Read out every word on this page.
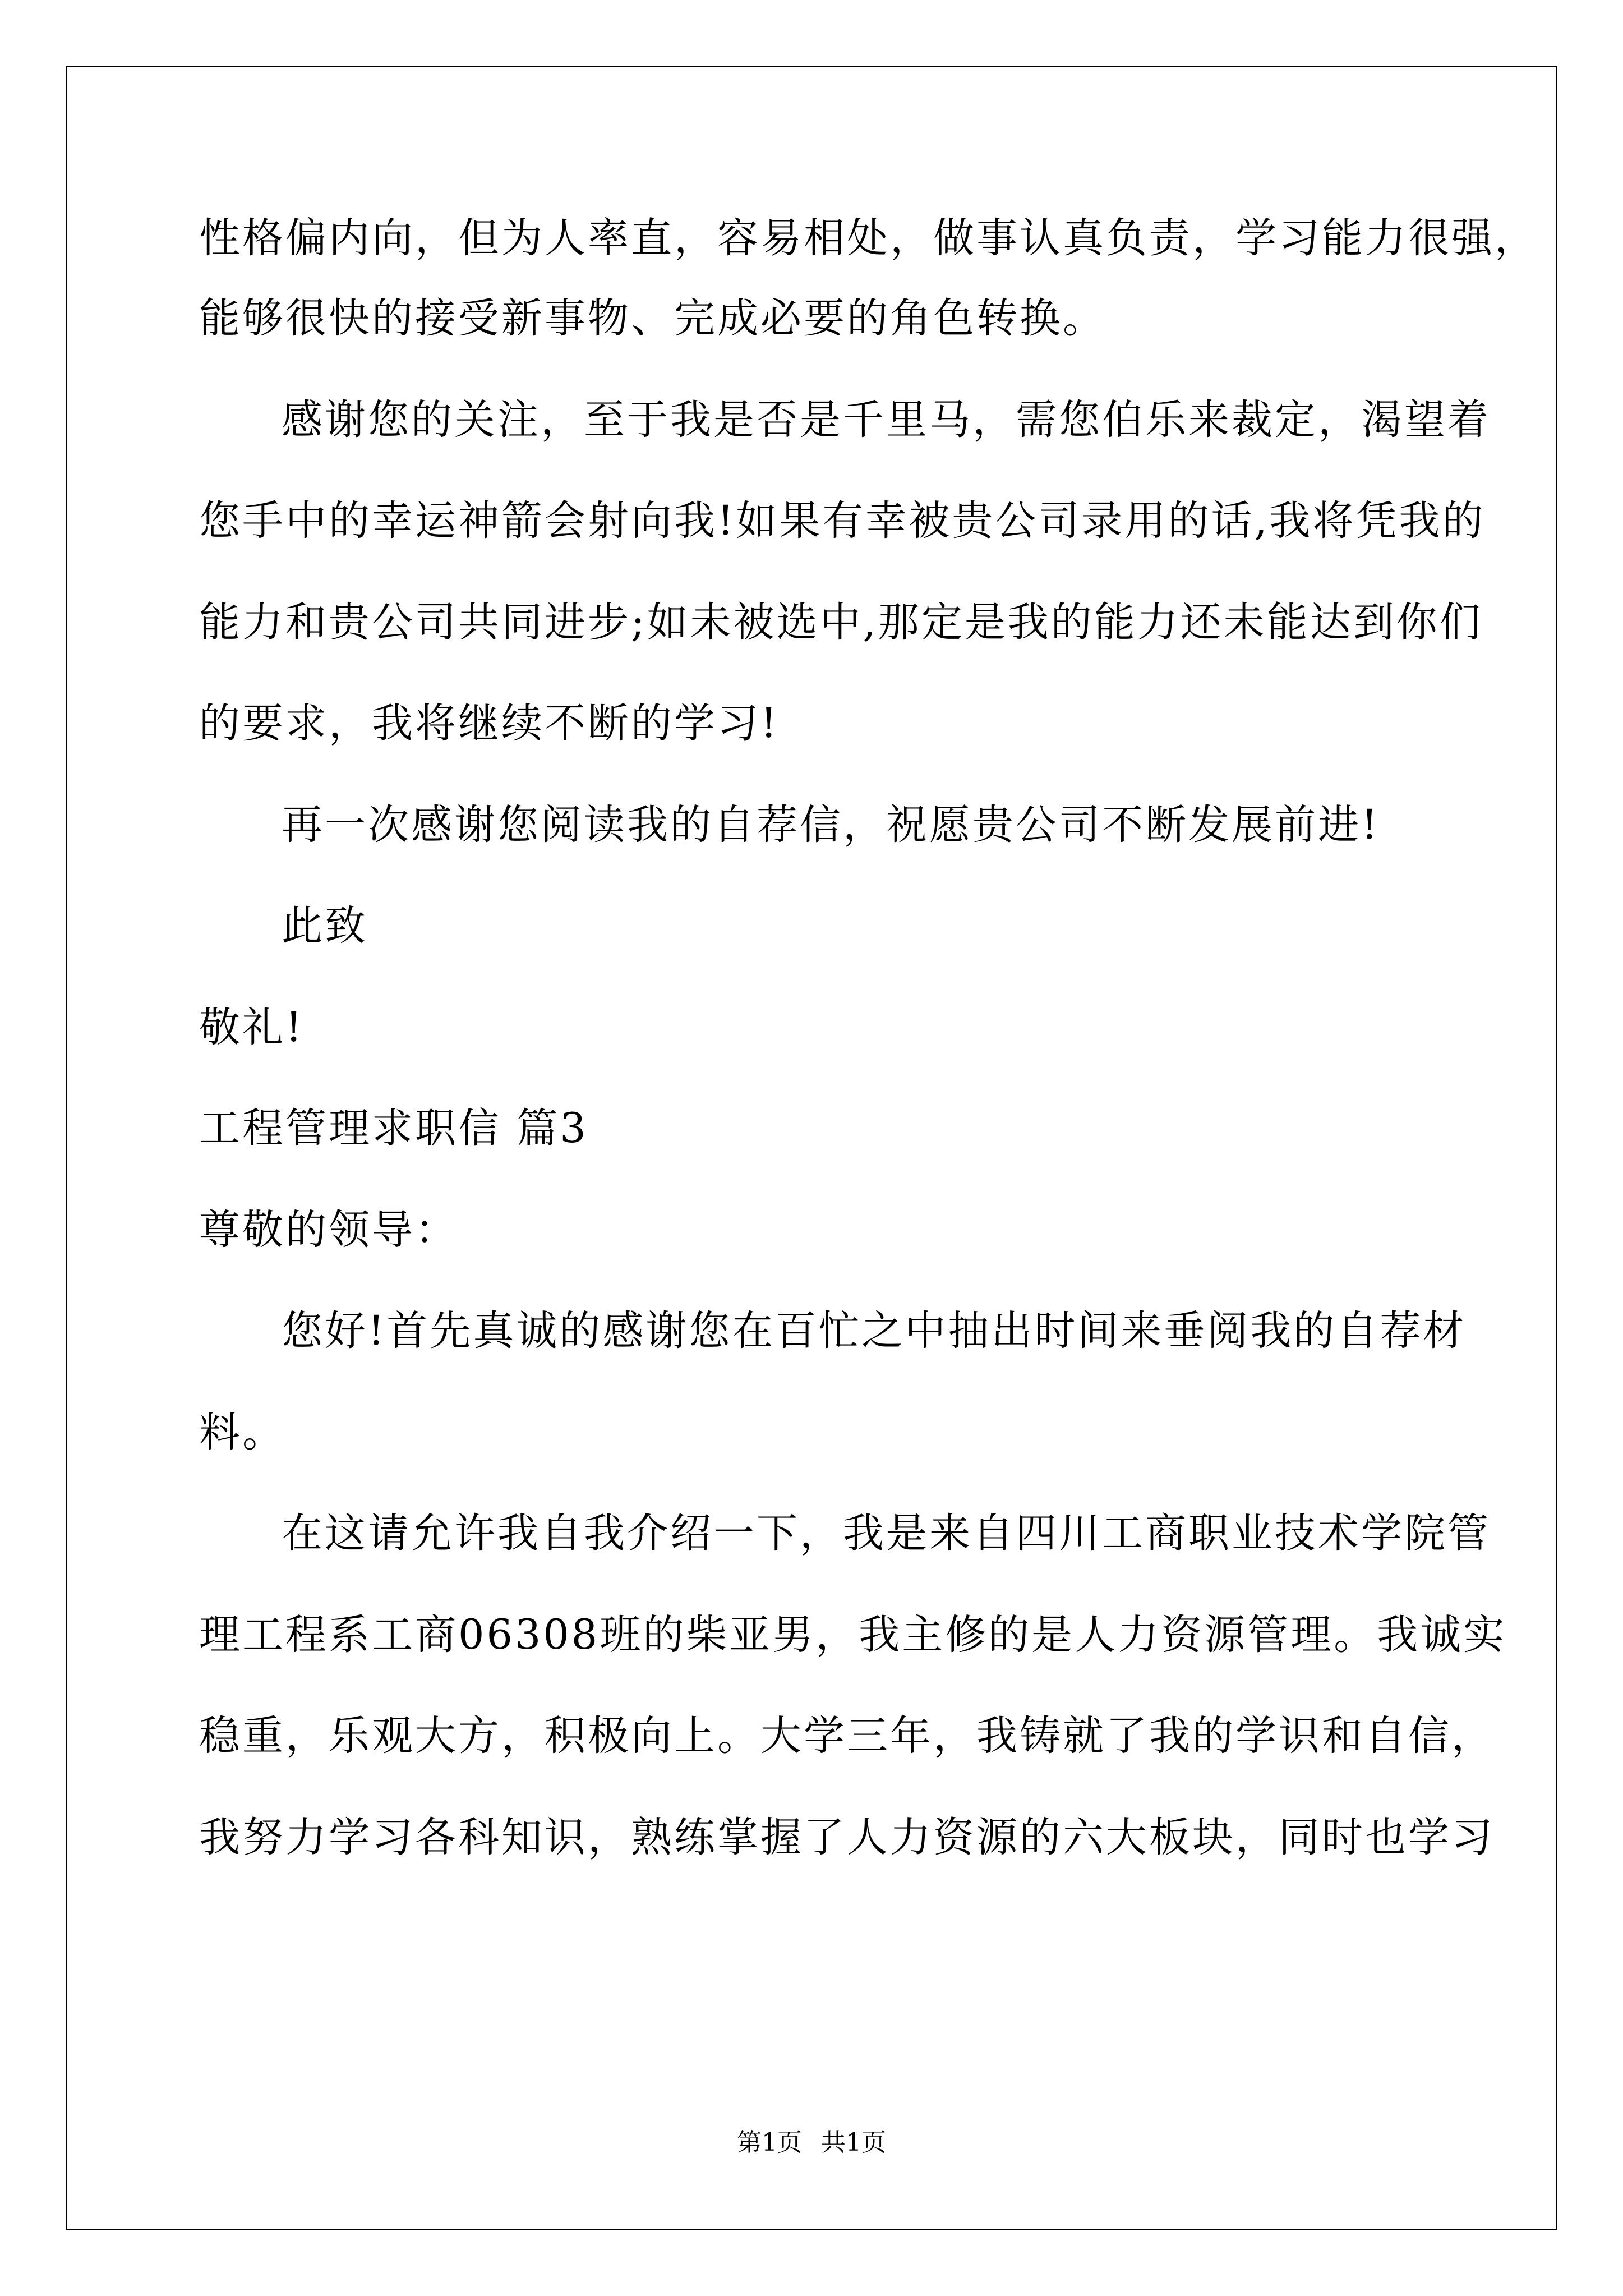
性格偏内向，但为人率直，容易相处，做事认真负责，学习能力很强，
能够很快的接受新事物、完成必要的角色转换。
感谢您的关注，至于我是否是千里马，需您伯乐来裁定，渴望着
您手中的幸运神箭会射向我!如果有幸被贵公司录用的话,我将凭我的
能力和贵公司共同进步;如未被选中,那定是我的能力还未能达到你们
的要求，我将继续不断的学习!
再一次感谢您阅读我的自荐信，祝愿贵公司不断发展前进!
此致
敬礼!
工程管理求职信 篇3
尊敬的领导：
您好!首先真诚的感谢您在百忙之中抽出时间来垂阅我的自荐材
料。
在这请允许我自我介绍一下，我是来自四川工商职业技术学院管
理工程系工商06308班的柴亚男，我主修的是人力资源管理。我诚实
稳重，乐观大方，积极向上。大学三年，我铸就了我的学识和自信，
我努力学习各科知识，熟练掌握了人力资源的六大板块，同时也学习
第1页 共1页
